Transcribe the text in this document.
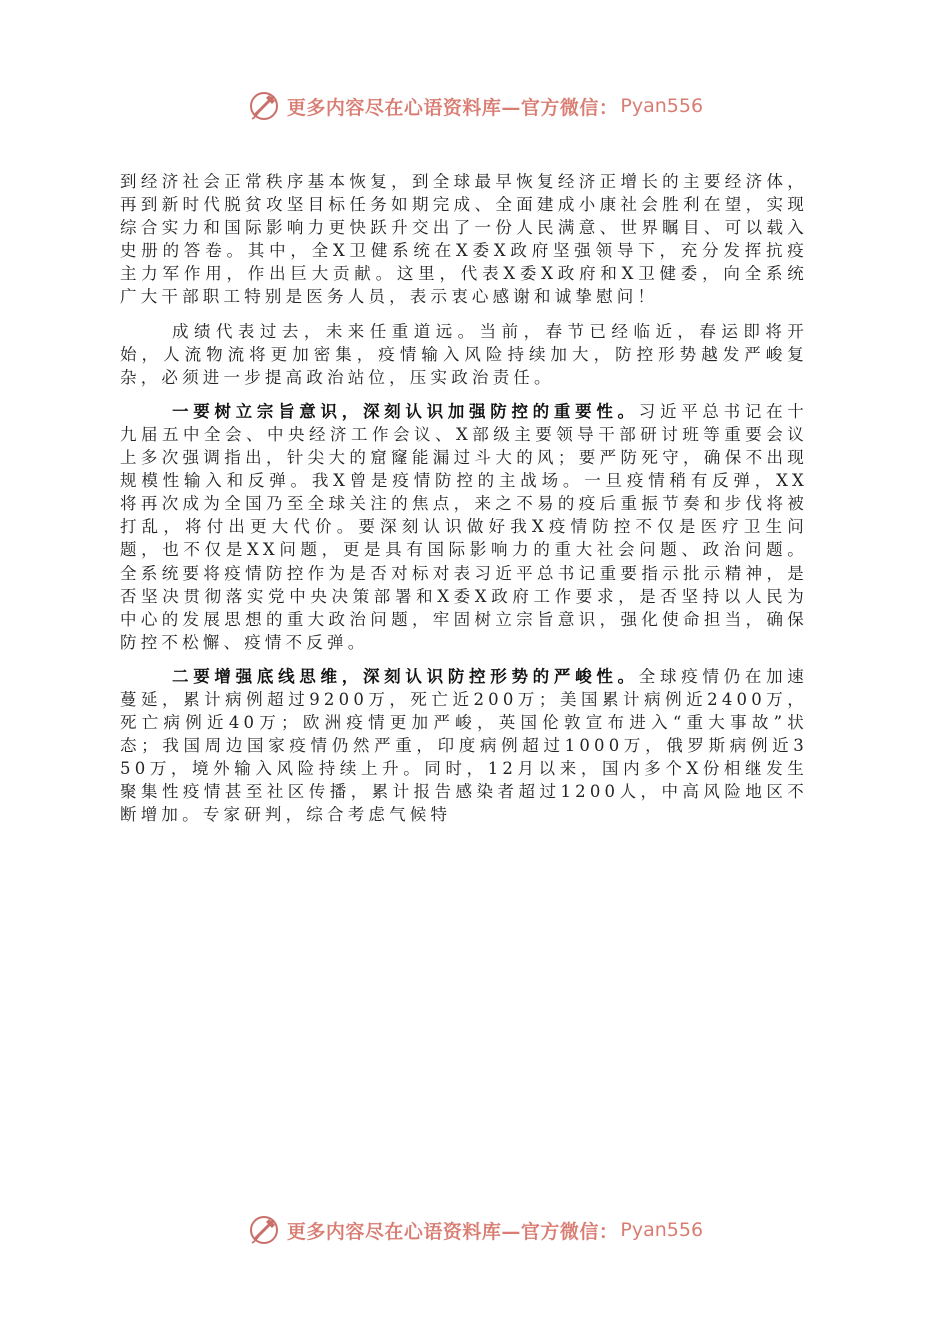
更多内容尽在心语资料库—官方微信： Pyan556

到经济社会正常秩序基本恢复，到全球最早恢复经济正增长的主要经济体，再到新时代脱贫攻坚目标任务如期完成、全面建成小康社会胜利在望，实现综合实力和国际影响力更快跃升交出了一份人民满意、世界瞩目、可以载入史册的答卷。其中，全X卫健系统在X委X政府坚强领导下，充分发挥抗疫主力军作用，作出巨大贡献。这里，代表X委X政府和X卫健委，向全系统广大干部职工特别是医务人员，表示衷心感谢和诚挚慰问！

成绩代表过去，未来任重道远。当前，春节已经临近，春运即将开始，人流物流将更加密集，疫情输入风险持续加大，防控形势越发严峻复杂，必须进一步提高政治站位，压实政治责任。

一要树立宗旨意识，深刻认识加强防控的重要性。习近平总书记在十九届五中全会、中央经济工作会议、X部级主要领导干部研讨班等重要会议上多次强调指出，针尖大的窟窿能漏过斗大的风；要严防死守，确保不出现规模性输入和反弹。我X曾是疫情防控的主战场。一旦疫情稍有反弹，XX将再次成为全国乃至全球关注的焦点，来之不易的疫后重振节奏和步伐将被打乱，将付出更大代价。要深刻认识做好我X疫情防控不仅是医疗卫生问题，也不仅是XX问题，更是具有国际影响力的重大社会问题、政治问题。全系统要将疫情防控作为是否对标对表习近平总书记重要指示批示精神，是否坚决贯彻落实党中央决策部署和X委X政府工作要求，是否坚持以人民为中心的发展思想的重大政治问题，牢固树立宗旨意识，强化使命担当，确保防控不松懈、疫情不反弹。

二要增强底线思维，深刻认识防控形势的严峻性。全球疫情仍在加速蔓延，累计病例超过9200万，死亡近200万；美国累计病例近2400万，死亡病例近40万；欧洲疫情更加严峻，英国伦敦宣布进入“重大事故”状态；我国周边国家疫情仍然严重，印度病例超过1000万，俄罗斯病例近350万，境外输入风险持续上升。同时，12月以来，国内多个X份相继发生聚集性疫情甚至社区传播，累计报告感染者超过1200人，中高风险地区不断增加。专家研判，综合考虑气候特

更多内容尽在心语资料库—官方微信： Pyan556
